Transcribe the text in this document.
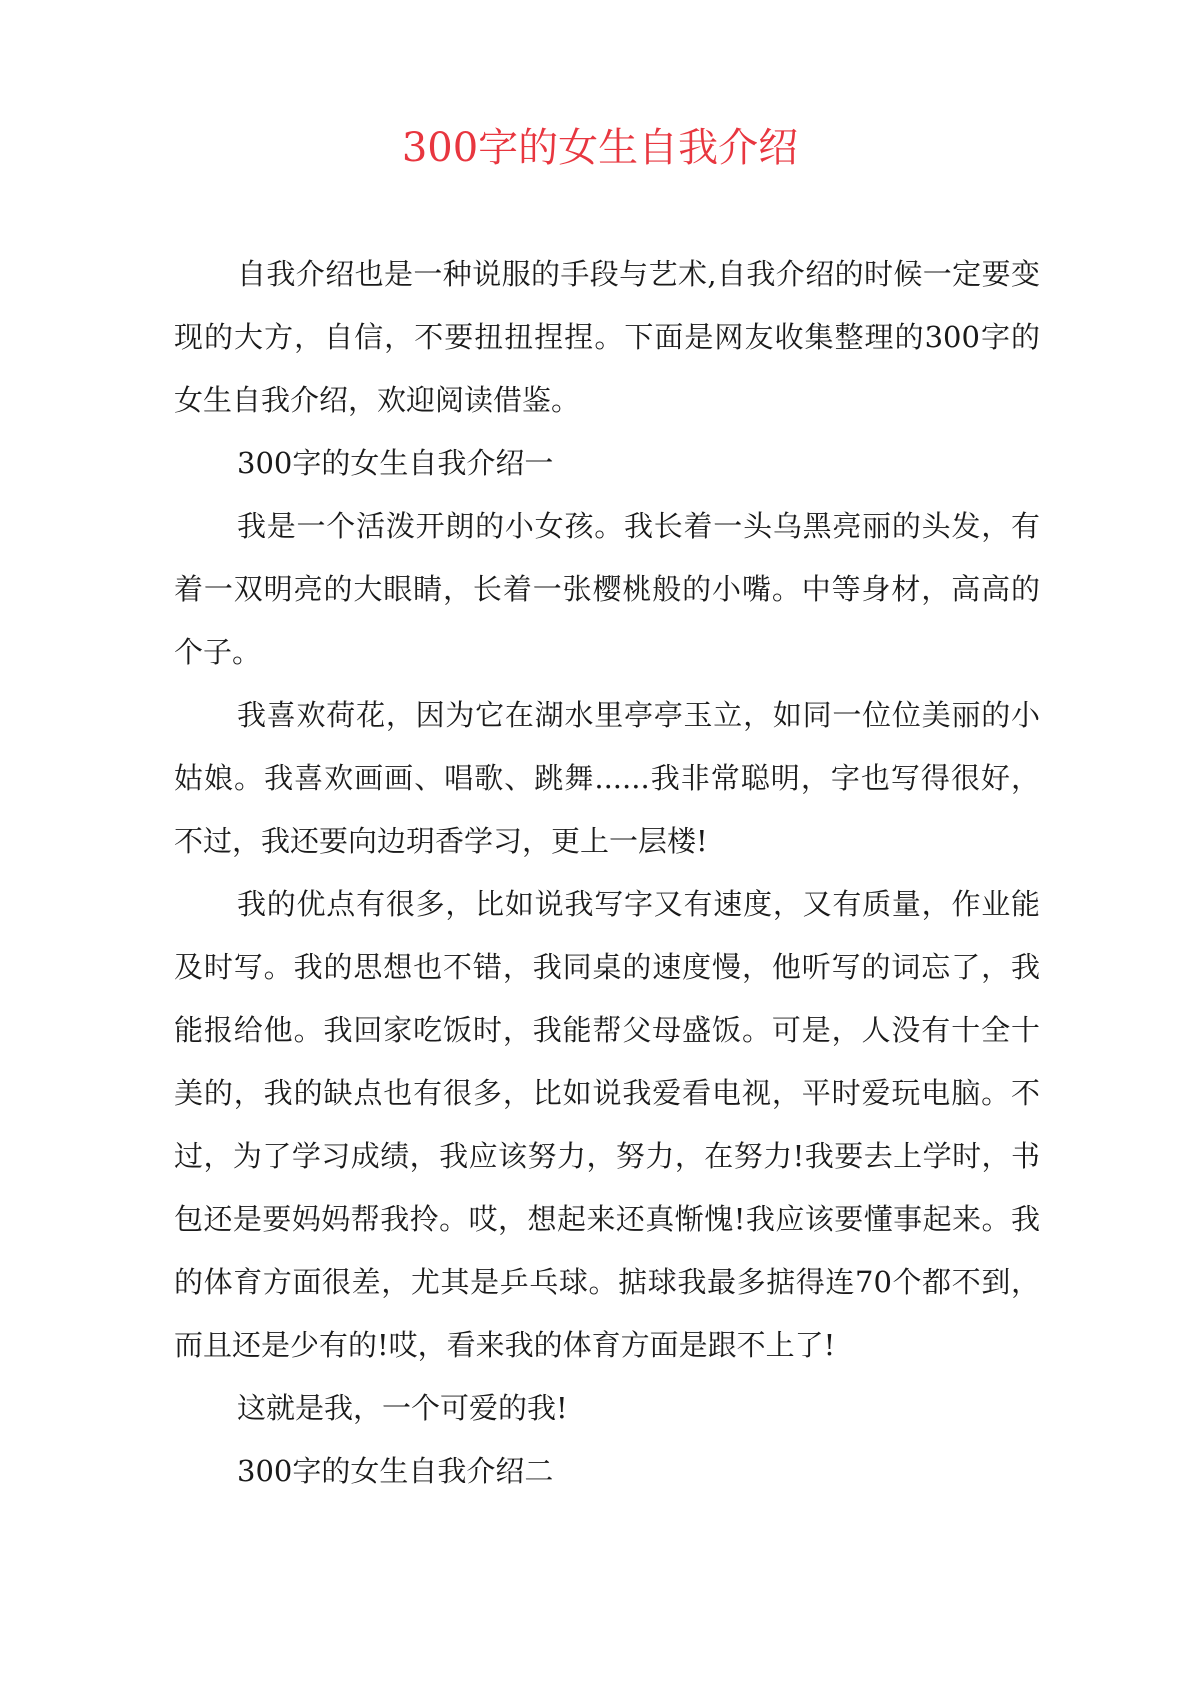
300字的女生自我介绍

自我介绍也是一种说服的手段与艺术,自我介绍的时候一定要变现的大方，自信，不要扭扭捏捏。下面是网友收集整理的300字的女生自我介绍，欢迎阅读借鉴。

300字的女生自我介绍一

我是一个活泼开朗的小女孩。我长着一头乌黑亮丽的头发，有着一双明亮的大眼睛，长着一张樱桃般的小嘴。中等身材，高高的个子。

我喜欢荷花，因为它在湖水里亭亭玉立，如同一位位美丽的小姑娘。我喜欢画画、唱歌、跳舞......我非常聪明，字也写得很好，不过，我还要向边玥香学习，更上一层楼!

我的优点有很多，比如说我写字又有速度，又有质量，作业能及时写。我的思想也不错，我同桌的速度慢，他听写的词忘了，我能报给他。我回家吃饭时，我能帮父母盛饭。可是，人没有十全十美的，我的缺点也有很多，比如说我爱看电视，平时爱玩电脑。不过，为了学习成绩，我应该努力，努力，在努力!我要去上学时，书包还是要妈妈帮我拎。哎，想起来还真惭愧!我应该要懂事起来。我的体育方面很差，尤其是乒乓球。掂球我最多掂得连70个都不到，而且还是少有的!哎，看来我的体育方面是跟不上了!

这就是我，一个可爱的我!

300字的女生自我介绍二
